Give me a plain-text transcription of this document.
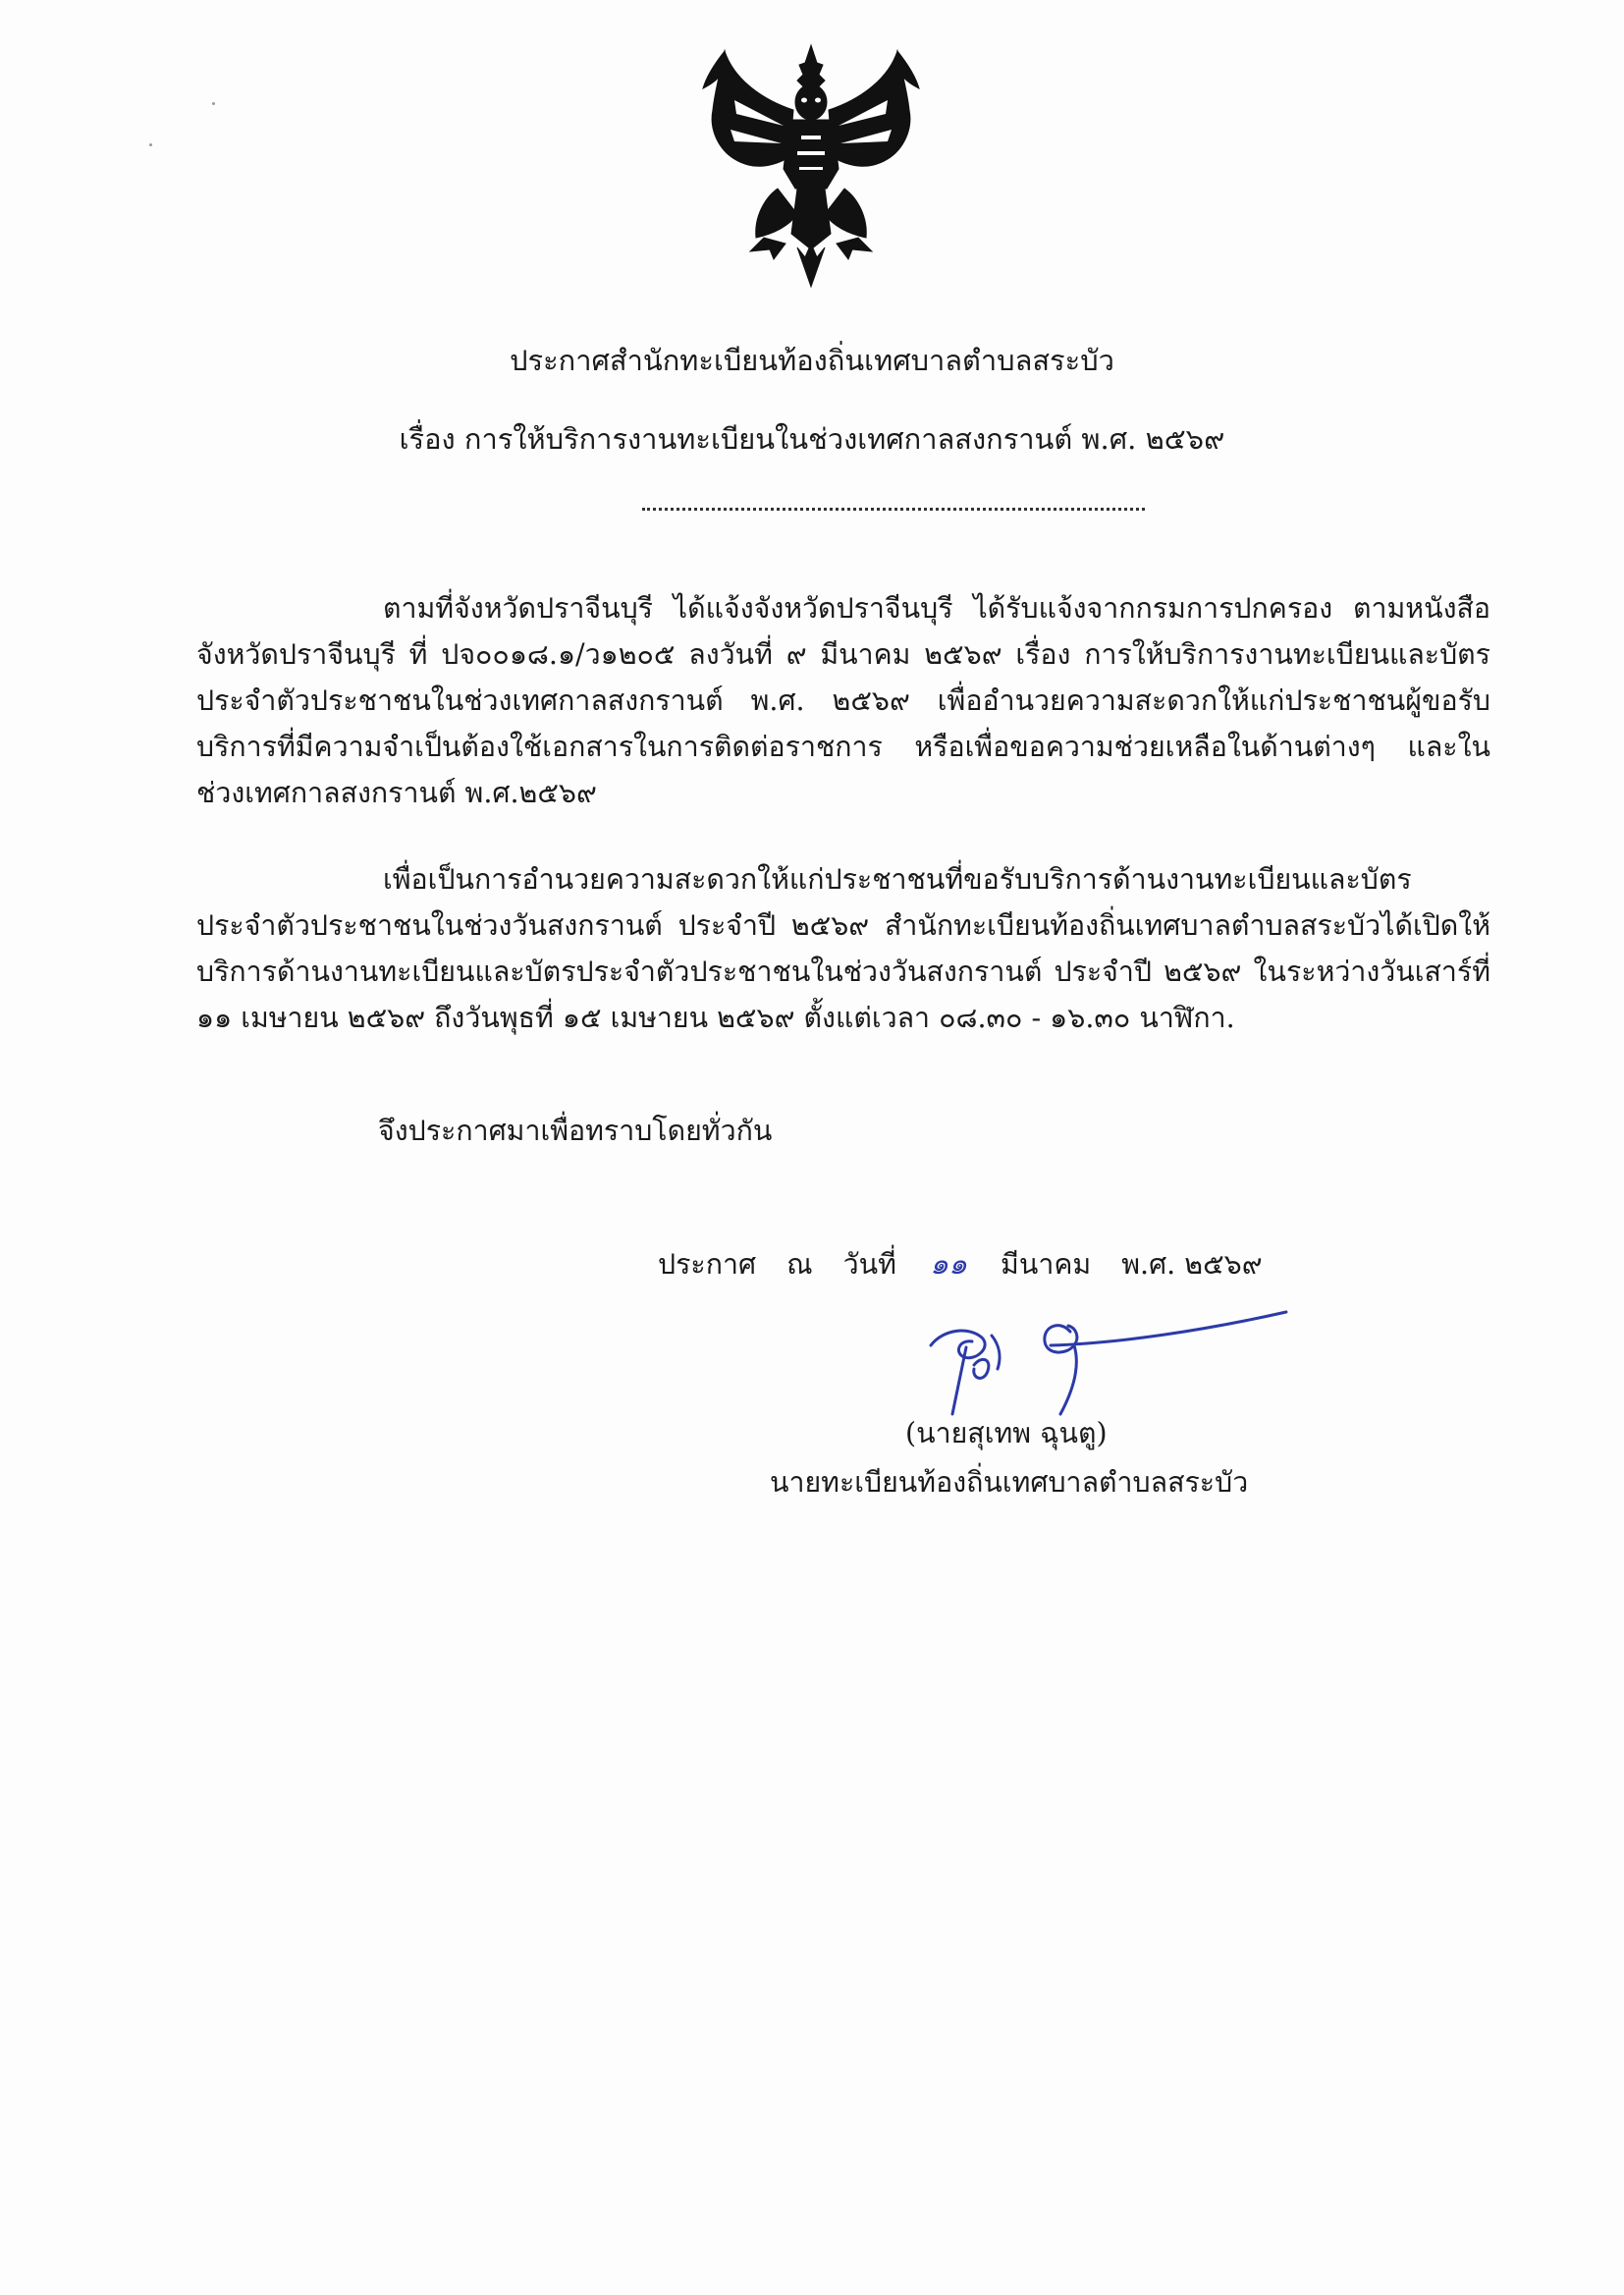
ประกาศสำนักทะเบียนท้องถิ่นเทศบาลตำบลสระบัว
เรื่อง การให้บริการงานทะเบียนในช่วงเทศกาลสงกรานต์ พ.ศ. ๒๕๖๙
ตามที่จังหวัดปราจีนบุรี ได้แจ้งจังหวัดปราจีนบุรี ได้รับแจ้งจากกรมการปกครอง ตามหนังสือจังหวัดปราจีนบุรี ที่ ปจ๐๐๑๘.๑/ว๑๒๐๕ ลงวันที่ ๙ มีนาคม ๒๕๖๙ เรื่อง การให้บริการงานทะเบียนและบัตรประจำตัวประชาชนในช่วงเทศกาลสงกรานต์ พ.ศ. ๒๕๖๙ เพื่ออำนวยความสะดวกให้แก่ประชาชนผู้ขอรับบริการที่มีความจำเป็นต้องใช้เอกสารในการติดต่อราชการ หรือเพื่อขอความช่วยเหลือในด้านต่างๆ และในช่วงเทศกาลสงกรานต์ พ.ศ.๒๕๖๙
เพื่อเป็นการอำนวยความสะดวกให้แก่ประชาชนที่ขอรับบริการด้านงานทะเบียนและบัตรประจำตัวประชาชนในช่วงวันสงกรานต์ ประจำปี ๒๕๖๙ สำนักทะเบียนท้องถิ่นเทศบาลตำบลสระบัวได้เปิดให้บริการด้านงานทะเบียนและบัตรประจำตัวประชาชนในช่วงวันสงกรานต์ ประจำปี ๒๕๖๙ ในระหว่างวันเสาร์ที่ ๑๑ เมษายน ๒๕๖๙ ถึงวันพุธที่ ๑๕ เมษายน ๒๕๖๙ ตั้งแต่เวลา ๐๘.๓๐ - ๑๖.๓๐ นาฬิกา.
จึงประกาศมาเพื่อทราบโดยทั่วกัน
ประกาศ ณ วันที่ ๑๑ มีนาคม พ.ศ. ๒๕๖๙
(นายสุเทพ ฉุนตู)
นายทะเบียนท้องถิ่นเทศบาลตำบลสระบัว
